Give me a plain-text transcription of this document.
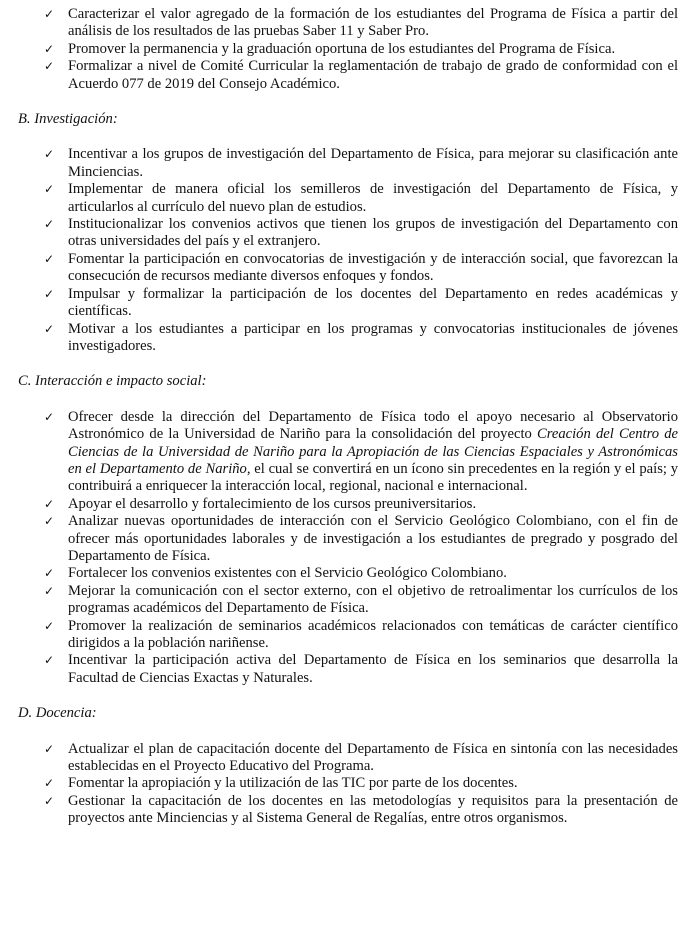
✓ Caracterizar el valor agregado de la formación de los estudiantes del Programa de Física a partir del análisis de los resultados de las pruebas Saber 11 y Saber Pro.
✓ Promover la permanencia y la graduación oportuna de los estudiantes del Programa de Física.
✓ Formalizar a nivel de Comité Curricular la reglamentación de trabajo de grado de conformidad con el Acuerdo 077 de 2019 del Consejo Académico.
B. Investigación:
✓ Incentivar a los grupos de investigación del Departamento de Física, para mejorar su clasificación ante Minciencias.
✓ Implementar de manera oficial los semilleros de investigación del Departamento de Física, y articularlos al currículo del nuevo plan de estudios.
✓ Institucionalizar los convenios activos que tienen los grupos de investigación del Departamento con otras universidades del país y el extranjero.
✓ Fomentar la participación en convocatorias de investigación y de interacción social, que favorezcan la consecución de recursos mediante diversos enfoques y fondos.
✓ Impulsar y formalizar la participación de los docentes del Departamento en redes académicas y científicas.
✓ Motivar a los estudiantes a participar en los programas y convocatorias institucionales de jóvenes investigadores.
C. Interacción e impacto social:
✓ Ofrecer desde la dirección del Departamento de Física todo el apoyo necesario al Observatorio Astronómico de la Universidad de Nariño para la consolidación del proyecto Creación del Centro de Ciencias de la Universidad de Nariño para la Apropiación de las Ciencias Espaciales y Astronómicas en el Departamento de Nariño, el cual se convertirá en un ícono sin precedentes en la región y el país; y contribuirá a enriquecer la interacción local, regional, nacional e internacional.
✓ Apoyar el desarrollo y fortalecimiento de los cursos preuniversitarios.
✓ Analizar nuevas oportunidades de interacción con el Servicio Geológico Colombiano, con el fin de ofrecer más oportunidades laborales y de investigación a los estudiantes de pregrado y posgrado del Departamento de Física.
✓ Fortalecer los convenios existentes con el Servicio Geológico Colombiano.
✓ Mejorar la comunicación con el sector externo, con el objetivo de retroalimentar los currículos de los programas académicos del Departamento de Física.
✓ Promover la realización de seminarios académicos relacionados con temáticas de carácter científico dirigidos a la población nariñense.
✓ Incentivar la participación activa del Departamento de Física en los seminarios que desarrolla la Facultad de Ciencias Exactas y Naturales.
D. Docencia:
✓ Actualizar el plan de capacitación docente del Departamento de Física en sintonía con las necesidades establecidas en el Proyecto Educativo del Programa.
✓ Fomentar la apropiación y la utilización de las TIC por parte de los docentes.
✓ Gestionar la capacitación de los docentes en las metodologías y requisitos para la presentación de proyectos ante Minciencias y al Sistema General de Regalías, entre otros organismos.
